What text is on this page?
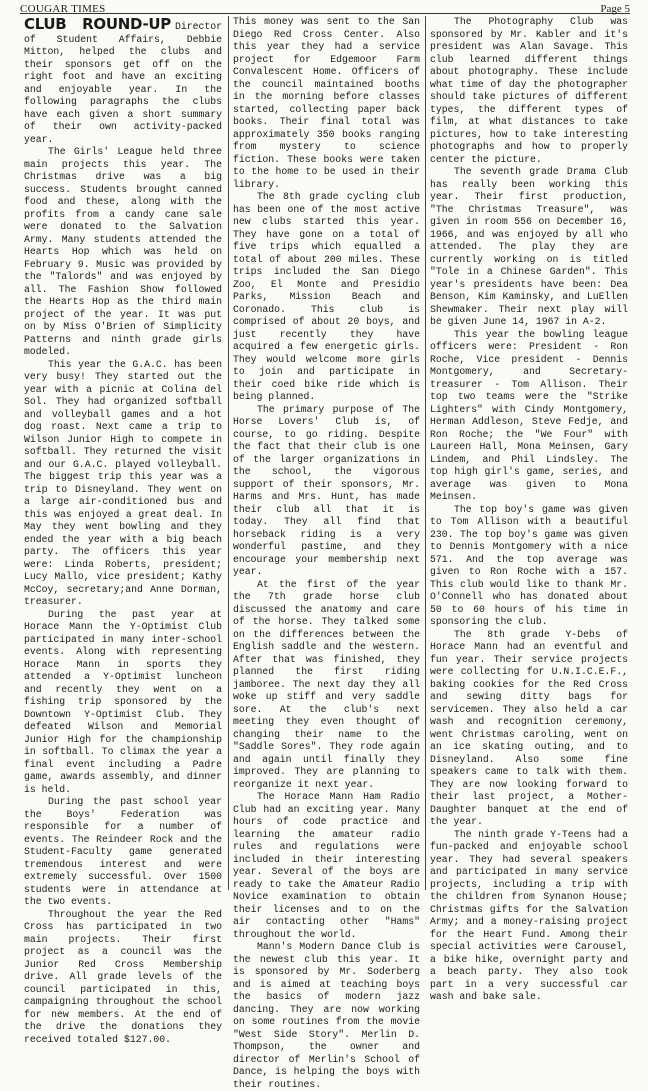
COUGAR TIMES	Page 5

CLUB ROUND-UP Director of Student Affairs, Debbie Mitton, helped the clubs and their sponsors get off on the right foot and have an exciting and enjoyable year. In the following paragraphs the clubs have each given a short summary of their own activity-packed year.

The Girls' League held three main projects this year. The Christmas drive was a big success. Students brought canned food and these, along with the profits from a candy cane sale were donated to the Salvation Army. Many students attended the Hearts Hop which was held on February 9. Music was provided by the "Talords" and was enjoyed by all. The Fashion Show followed the Hearts Hop as the third main project of the year. It was put on by Miss O'Brien of Simplicity Patterns and ninth grade girls modeled.

This year the G.A.C. has been very busy! They started out the year with a picnic at Colina del Sol. They had organized softball and volleyball games and a hot dog roast. Next came a trip to Wilson Junior High to compete in softball. They returned the visit and our G.A.C. played volleyball. The biggest trip this year was a trip to Disneyland. They went on a large air-conditioned bus and this was enjoyed a great deal. In May they went bowling and they ended the year with a big beach party. The officers this year were: Linda Roberts, president; Lucy Mallo, vice president; Kathy McCoy, secretary;and Anne Dorman, treasurer.

During the past year at Horace Mann the Y-Optimist Club participated in many inter-school events. Along with representing Horace Mann in sports they attended a Y-Optimist luncheon and recently they went on a fishing trip sponsored by the Downtown Y-Optimist Club. They defeated Wilson and Memorial Junior High for the championship in softball. To climax the year a final event including a Padre game, awards assembly, and dinner is held.

During the past school year the Boys' Federation was responsible for a number of events. The Reindeer Rock and the Student-Faculty game generated tremendous interest and were extremely successful. Over 1500 students were in attendance at the two events.

Throughout the year the Red Cross has participated in two main projects. Their first project as a council was the Junior Red Cross Membership drive. All grade levels of the council participated in this, campaigning throughout the school for new members. At the end of the drive the donations they received totaled $127.00.

This money was sent to the San Diego Red Cross Center. Also this year they had a service project for Edgemoor Farm Convalescent Home. Officers of the council maintained booths in the morning before classes started, collecting paper back books. Their final total was approximately 350 books ranging from mystery to science fiction. These books were taken to the home to be used in their library.

The 8th grade cycling club has been one of the most active new clubs started this year. They have gone on a total of five trips which equalled a total of about 200 miles. These trips included the San Diego Zoo, El Monte and Presidio Parks, Mission Beach and Coronado. This club is comprised of about 20 boys, and just recently they have acquired a few energetic girls. They would welcome more girls to join and participate in their coed bike ride which is being planned.

The primary purpose of The Horse Lovers' Club is, of course, to go riding. Despite the fact that their club is one of the larger organizations in the school, the vigorous support of their sponsors, Mr. Harms and Mrs. Hunt, has made their club all that it is today. They all find that horseback riding is a very wonderful pastime, and they encourage your membership next year.

At the first of the year the 7th grade horse club discussed the anatomy and care of the horse. They talked some on the differences between the English saddle and the western. After that was finished, they planned the first riding jamboree. The next day they all woke up stiff and very saddle sore. At the club's next meeting they even thought of changing their name to the "Saddle Sores". They rode again and again until finally they improved. They are planning to reorganize it next year.

The Horace Mann Ham Radio Club had an exciting year. Many hours of code practice and learning the amateur radio rules and regulations were included in their interesting year. Several of the boys are ready to take the Amateur Radio Novice examination to obtain their licenses and to on the air contacting other "Hams" throughout the world.

Mann's Modern Dance Club is the newest club this year. It is sponsored by Mr. Soderberg and is aimed at teaching boys the basics of modern jazz dancing. They are now working on some routines from the movie "West Side Story". Merlin D. Thompson, the owner and director of Merlin's School of Dance, is helping the boys with their routines.

The Photography Club was sponsored by Mr. Kabler and it's president was Alan Savage. This club learned different things about photography. These include what time of day the photographer should take pictures of different types, the different types of film, at what distances to take pictures, how to take interesting photographs and how to properly center the picture.

The seventh grade Drama Club has really been working this year. Their first production, "The Christmas Treasure", was given in room 556 on December 16, 1966, and was enjoyed by all who attended. The play they are currently working on is titled "Tole in a Chinese Garden". This year's presidents have been: Dea Benson, Kim Kaminsky, and LuEllen Shewmaker. Their next play will be given June 14, 1967 in A-2.

This year the bowling league officers were: President - Ron Roche, Vice president - Dennis Montgomery, and Secretary-treasurer - Tom Allison. Their top two teams were the "Strike Lighters" with Cindy Montgomery, Herman Addleson, Steve Fedje, and Ron Roche; the "We Four" with Laureen Hall, Mona Meinsen, Gary Lindem, and Phil Lindsley. The top high girl's game, series, and average was given to Mona Meinsen.

The top boy's game was given to Tom Allison with a beautiful 230. The top boy's game was given to Dennis Montgomery with a nice 571. And the top average was given to Ron Roche with a 157. This club would like to thank Mr. O'Connell who has donated about 50 to 60 hours of his time in sponsoring the club.

The 8th grade Y-Debs of Horace Mann had an eventful and fun year. Their service projects were collecting for U.N.I.C.E.F., baking cookies for the Red Cross and sewing ditty bags for servicemen. They also held a car wash and recognition ceremony, went Christmas caroling, went on an ice skating outing, and to Disneyland. Also some fine speakers came to talk with them. They are now looking forward to their last project, a Mother-Daughter banquet at the end of the year.

The ninth grade Y-Teens had a fun-packed and enjoyable school year. They had several speakers and participated in many service projects, including a trip with the children from Synanon House; Christmas gifts for the Salvation Army; and a money-raising project for the Heart Fund. Among their special activities were Carousel, a bike hike, overnight party and a beach party. They also took part in a very successful car wash and bake sale.
